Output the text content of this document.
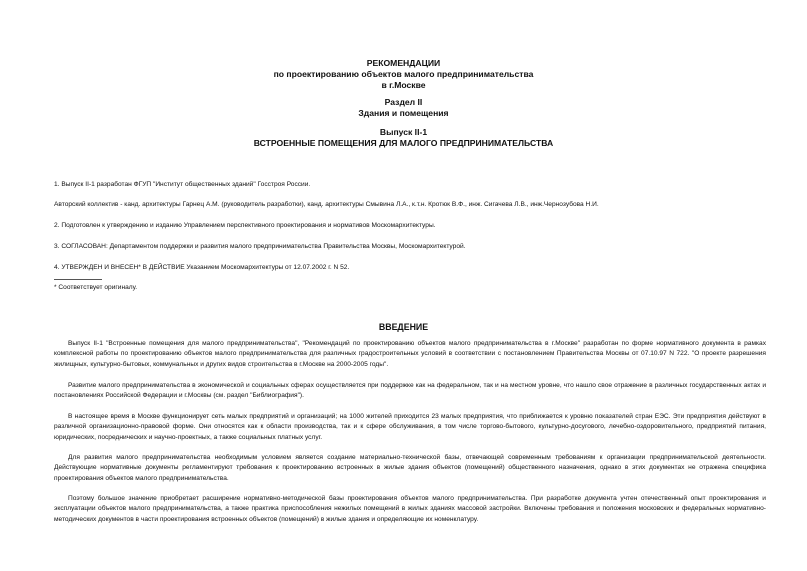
РЕКОМЕНДАЦИИ
по проектированию объектов малого предпринимательства
в г.Москве
Раздел II
Здания и помещения
Выпуск II-1
ВСТРОЕННЫЕ ПОМЕЩЕНИЯ ДЛЯ МАЛОГО ПРЕДПРИНИМАТЕЛЬСТВА
1. Выпуск II-1 разработан ФГУП "Институт общественных зданий" Госстроя России.
Авторский коллектив - канд. архитектуры Гарнец А.М. (руководитель разработки), канд. архитектуры Смывина Л.А., к.т.н. Кротюк В.Ф., инж. Сигачева Л.В., инж.Чернозубова Н.И.
2. Подготовлен к утверждению и изданию Управлением перспективного проектирования и нормативов Москомархитектуры.
3. СОГЛАСОВАН: Департаментом поддержки и развития малого предпринимательства Правительства Москвы, Москомархитектурой.
4. УТВЕРЖДЕН И ВНЕСЕН* В ДЕЙСТВИЕ Указанием Москомархитектуры от 12.07.2002 г. N 52.
* Соответствует оригиналу.
ВВЕДЕНИЕ

Выпуск II-1 "Встроенные помещения для малого предпринимательства", "Рекомендаций по проектированию объектов малого предпринимательства в г.Москве" разработан по форме нормативного документа в рамках комплексной работы по проектированию объектов малого предпринимательства для различных градостроительных условий в соответствии с постановлением Правительства Москвы от 07.10.97 N 722. "О проекте разрешения жилищных, культурно-бытовых, коммунальных и других видов строительства в г.Москве на 2000-2005 годы".

Развитие малого предпринимательства в экономической и социальных сферах осуществляется при поддержке как на федеральном, так и на местном уровне, что нашло свое отражение в различных государственных актах и постановлениях Российской Федерации и г.Москвы (см. раздел "Библиография").

В настоящее время в Москве функционирует сеть малых предприятий и организаций; на 1000 жителей приходится 23 малых предприятия, что приближается к уровню показателей стран ЕЭС. Эти предприятия действуют в различной организационно-правовой форме. Они относятся как к области производства, так и к сфере обслуживания, в том числе торгово-бытового, культурно-досугового, лечебно-оздоровительного, предприятий питания, юридических, посреднических и научно-проектных, а также социальных платных услуг.

Для развития малого предпринимательства необходимым условием является создание материально-технической базы, отвечающей современным требованиям к организации предпринимательской деятельности. Действующие нормативные документы регламентируют требования к проектированию встроенных в жилые здания объектов (помещений) общественного назначения, однако в этих документах не отражена специфика проектирования объектов малого предпринимательства.

Поэтому большое значение приобретает расширение нормативно-методической базы проектирования объектов малого предпринимательства. При разработке документа учтен отечественный опыт проектирования и эксплуатации объектов малого предпринимательства, а также практика приспособления нежилых помещений в жилых зданиях массовой застройки. Включены требования и положения московских и федеральных нормативно-методических документов в части проектирования встроенных объектов (помещений) в жилые здания и определяющие их номенклатуру.
